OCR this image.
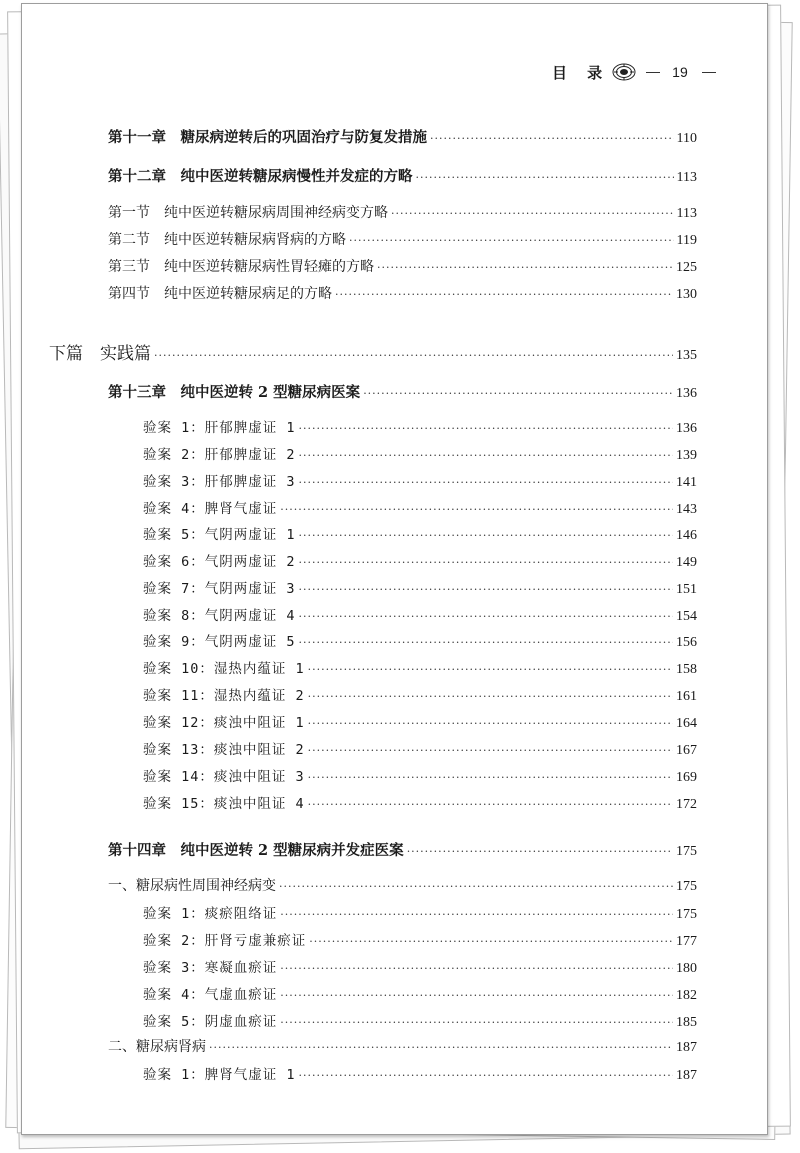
目 录	19
第十一章　糖尿病逆转后的巩固治疗与防复发措施 ·····	110
第十二章　纯中医逆转糖尿病慢性并发症的方略 ·····	113
第一节　纯中医逆转糖尿病周围神经病变方略 ·····	113
第二节　纯中医逆转糖尿病肾病的方略 ·····	119
第三节　纯中医逆转糖尿病性胃轻瘫的方略 ·····	125
第四节　纯中医逆转糖尿病足的方略 ·····	130
下篇　实践篇 ·····	135
第十三章　纯中医逆转 2 型糖尿病医案 ·····	136
验案 1：肝郁脾虚证 1 ·····	136
验案 2：肝郁脾虚证 2 ·····	139
验案 3：肝郁脾虚证 3 ·····	141
验案 4：脾肾气虚证 ·····	143
验案 5：气阴两虚证 1 ·····	146
验案 6：气阴两虚证 2 ·····	149
验案 7：气阴两虚证 3 ·····	151
验案 8：气阴两虚证 4 ·····	154
验案 9：气阴两虚证 5 ·····	156
验案 10：湿热内蕴证 1 ·····	158
验案 11：湿热内蕴证 2 ·····	161
验案 12：痰浊中阻证 1 ·····	164
验案 13：痰浊中阻证 2 ·····	167
验案 14：痰浊中阻证 3 ·····	169
验案 15：痰浊中阻证 4 ·····	172
第十四章　纯中医逆转 2 型糖尿病并发症医案 ·····	175
一、糖尿病性周围神经病变 ·····	175
验案 1：痰瘀阻络证 ·····	175
验案 2：肝肾亏虚兼瘀证 ·····	177
验案 3：寒凝血瘀证 ·····	180
验案 4：气虚血瘀证 ·····	182
验案 5：阴虚血瘀证 ·····	185
二、糖尿病肾病 ·····	187
验案 1：脾肾气虚证 1 ·····	187
